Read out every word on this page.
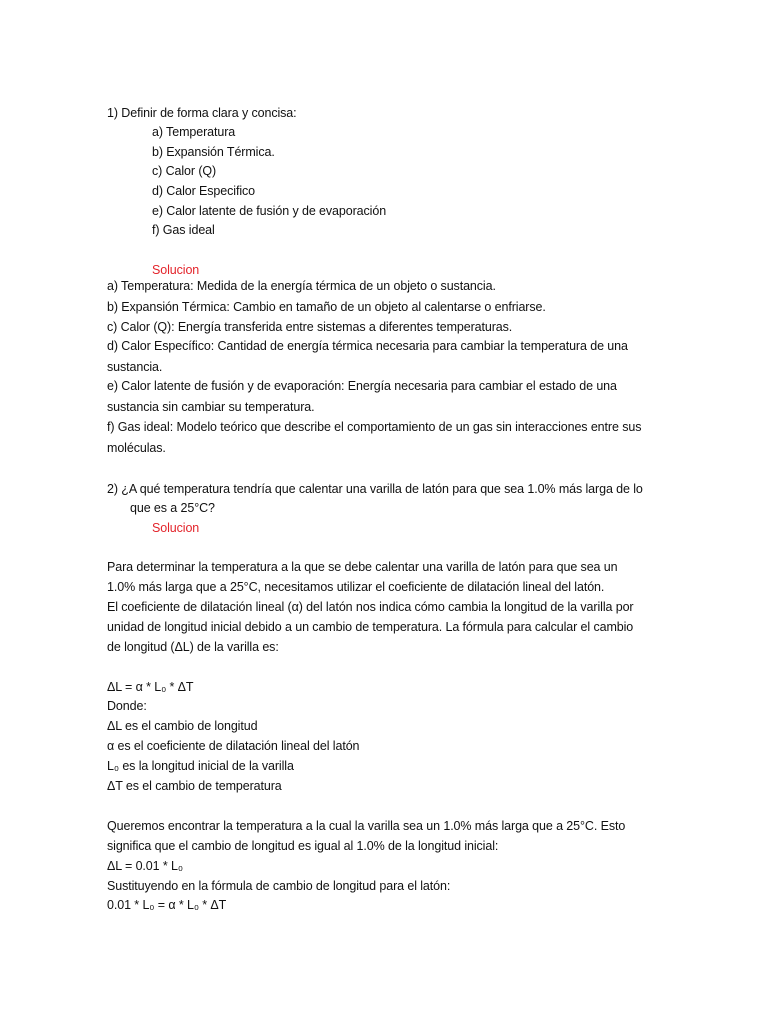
1) Definir de forma clara y concisa:
a) Temperatura
b) Expansión Térmica.
c) Calor (Q)
d) Calor Especifico
e) Calor latente de fusión y de evaporación
f) Gas ideal
Solucion
a) Temperatura: Medida de la energía térmica de un objeto o sustancia.
b) Expansión Térmica: Cambio en tamaño de un objeto al calentarse o enfriarse.
c) Calor (Q): Energía transferida entre sistemas a diferentes temperaturas.
d) Calor Específico: Cantidad de energía térmica necesaria para cambiar la temperatura de una
sustancia.
e) Calor latente de fusión y de evaporación: Energía necesaria para cambiar el estado de una
sustancia sin cambiar su temperatura.
f) Gas ideal: Modelo teórico que describe el comportamiento de un gas sin interacciones entre sus
moléculas.
2) ¿A qué temperatura tendría que calentar una varilla de latón para que sea 1.0% más larga de lo
que es a 25°C?
Solucion
Para determinar la temperatura a la que se debe calentar una varilla de latón para que sea un
1.0% más larga que a 25°C, necesitamos utilizar el coeficiente de dilatación lineal del latón.
El coeficiente de dilatación lineal (α) del latón nos indica cómo cambia la longitud de la varilla por
unidad de longitud inicial debido a un cambio de temperatura. La fórmula para calcular el cambio
de longitud (ΔL) de la varilla es:
ΔL = α * L₀ * ΔT
Donde:
ΔL es el cambio de longitud
α es el coeficiente de dilatación lineal del latón
L₀ es la longitud inicial de la varilla
ΔT es el cambio de temperatura
Queremos encontrar la temperatura a la cual la varilla sea un 1.0% más larga que a 25°C. Esto
significa que el cambio de longitud es igual al 1.0% de la longitud inicial:
ΔL = 0.01 * L₀
Sustituyendo en la fórmula de cambio de longitud para el latón:
0.01 * L₀ = α * L₀ * ΔT
